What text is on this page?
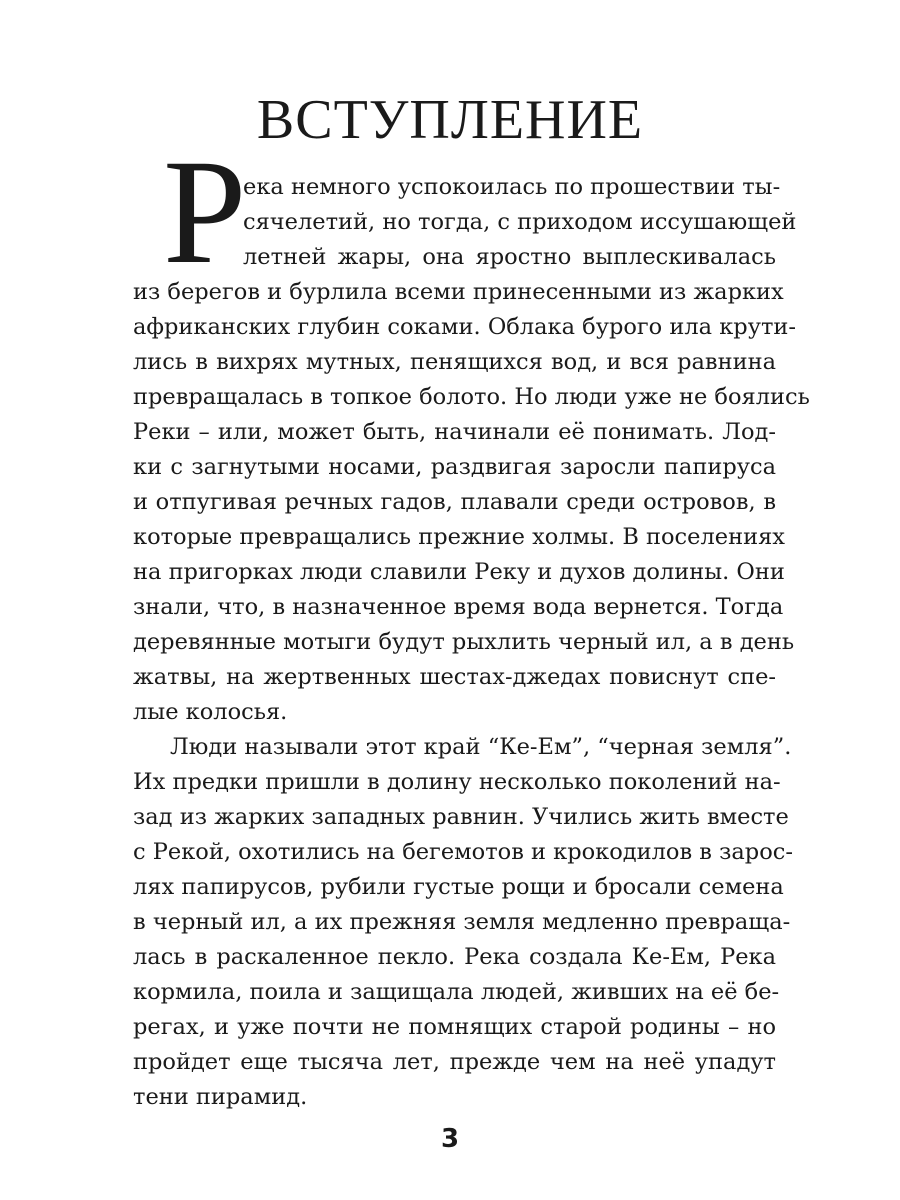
ВСТУПЛЕНИЕ
Р
ека немного успокоилась по прошествии ты-
сячелетий, но тогда, с приходом иссушающей
летней жары, она яростно выплескивалась
из берегов и бурлила всеми принесенными из жарких
африканских глубин соками. Облака бурого ила крути-
лись в вихрях мутных, пенящихся вод, и вся равнина
превращалась в топкое болото. Но люди уже не боялись
Реки – или, может быть, начинали её понимать. Лод-
ки с загнутыми носами, раздвигая заросли папируса
и отпугивая речных гадов, плавали среди островов, в
которые превращались прежние холмы. В поселениях
на пригорках люди славили Реку и духов долины. Они
знали, что, в назначенное время вода вернется. Тогда
деревянные мотыги будут рыхлить черный ил, а в день
жатвы, на жертвенных шестах-джедах повиснут спе-
лые колосья.
Люди называли этот край “Ке-Ем”, “черная земля”.
Их предки пришли в долину несколько поколений на-
зад из жарких западных равнин. Учились жить вместе
с Рекой, охотились на бегемотов и крокодилов в зарос-
лях папирусов, рубили густые рощи и бросали семена
в черный ил, а их прежняя земля медленно превраща-
лась в раскаленное пекло. Река создала Ке-Ем, Река
кормила, поила и защищала людей, живших на её бе-
регах, и уже почти не помнящих старой родины – но
пройдет еще тысяча лет, прежде чем на неё упадут
тени пирамид.
3
